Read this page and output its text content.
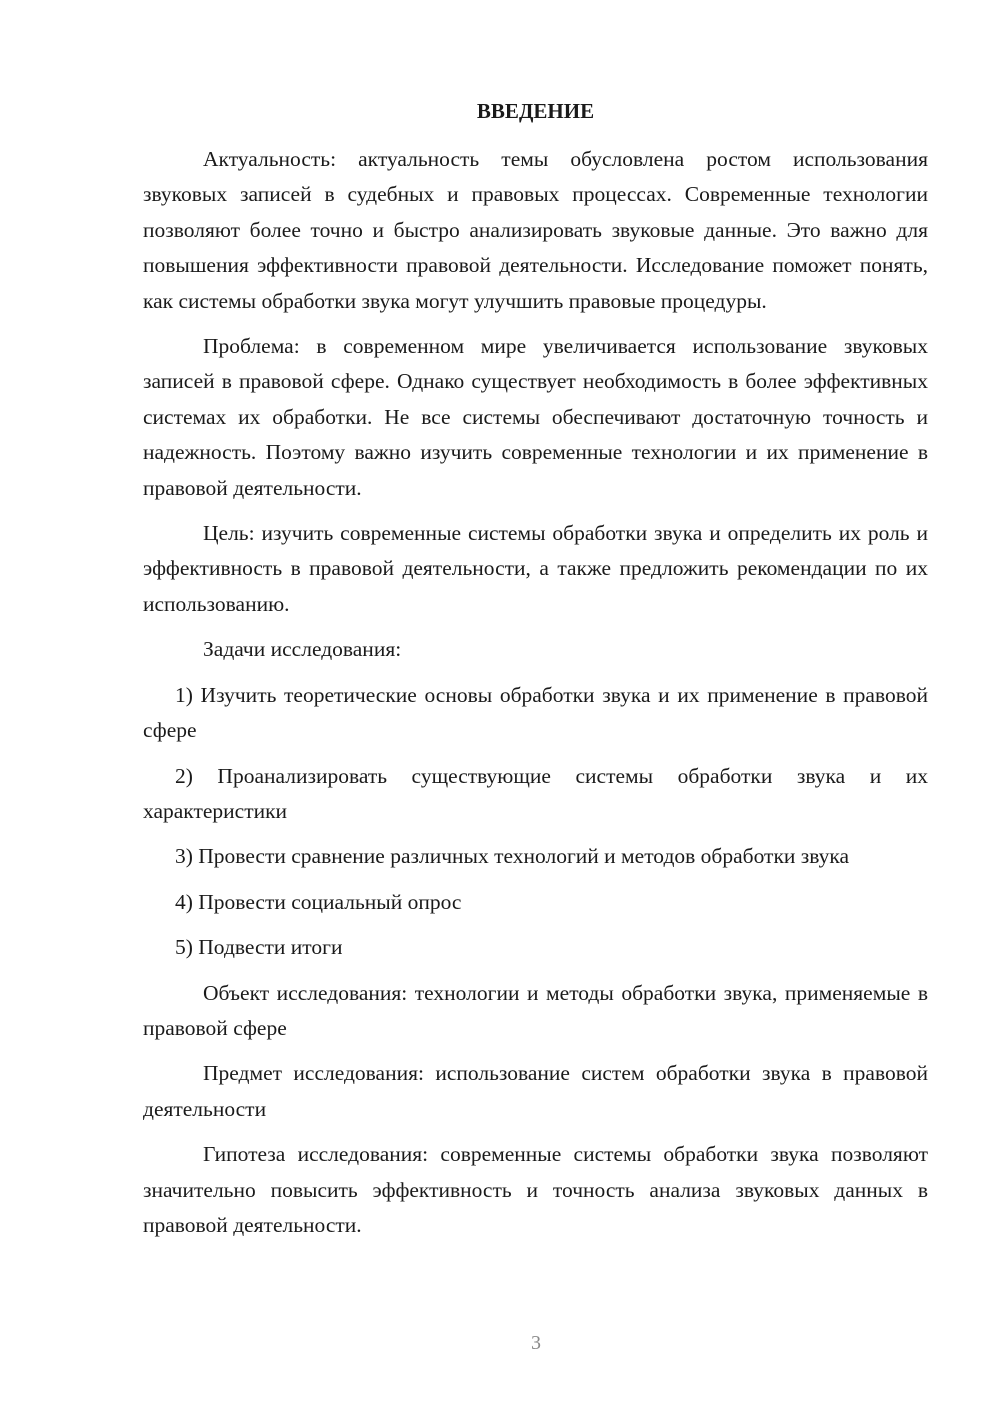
ВВЕДЕНИЕ

Актуальность: актуальность темы обусловлена ростом использования звуковых записей в судебных и правовых процессах. Современные технологии позволяют более точно и быстро анализировать звуковые данные. Это важно для повышения эффективности правовой деятельности. Исследование поможет понять, как системы обработки звука могут улучшить правовые процедуры.

Проблема: в современном мире увеличивается использование звуковых записей в правовой сфере. Однако существует необходимость в более эффективных системах их обработки. Не все системы обеспечивают достаточную точность и надежность. Поэтому важно изучить современные технологии и их применение в правовой деятельности.

Цель: изучить современные системы обработки звука и определить их роль и эффективность в правовой деятельности, а также предложить рекомендации по их использованию.

Задачи исследования:

1) Изучить теоретические основы обработки звука и их применение в правовой сфере

2) Проанализировать существующие системы обработки звука и их характеристики

3) Провести сравнение различных технологий и методов обработки звука

4) Провести социальный опрос

5) Подвести итоги

Объект исследования: технологии и методы обработки звука, применяемые в правовой сфере

Предмет исследования: использование систем обработки звука в правовой деятельности

Гипотеза исследования: современные системы обработки звука позволяют значительно повысить эффективность и точность анализа звуковых данных в правовой деятельности.

3
